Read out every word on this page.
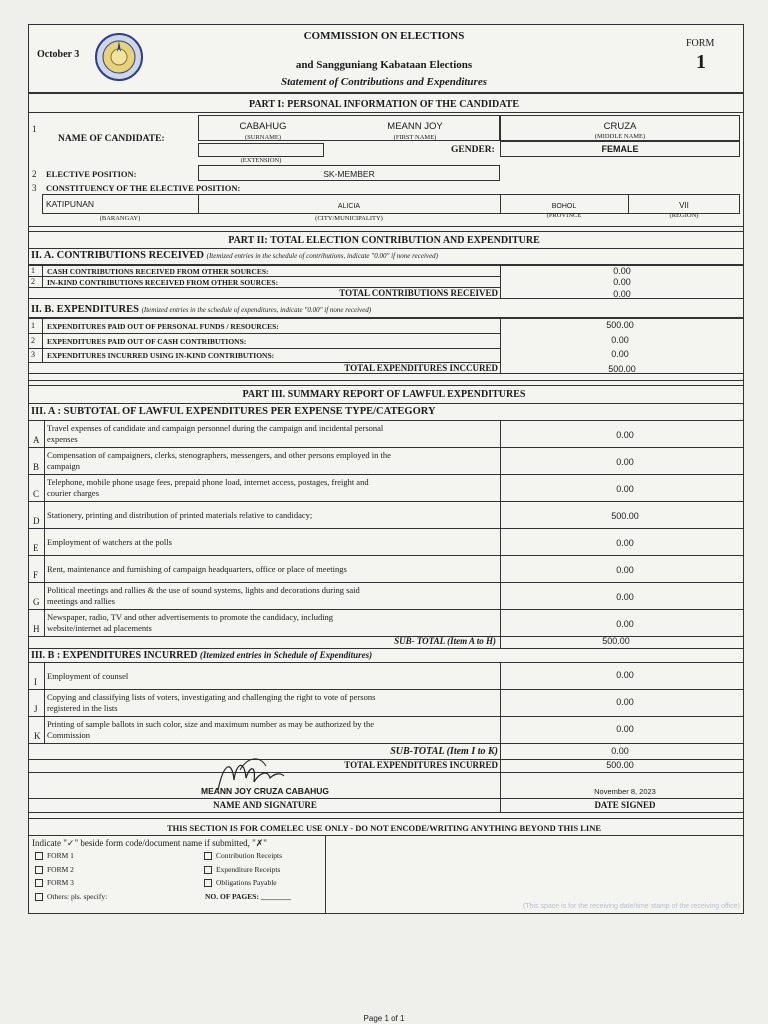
October 3
COMMISSION ON ELECTIONS
and Sangguniang Kabataan Elections
Statement of Contributions and Expenditures
FORM
1
PART I: PERSONAL INFORMATION OF THE CANDIDATE
1
NAME OF CANDIDATE:
CABAHUG
(SURNAME)
MEANN JOY
(FIRST NAME)
CRUZA
(MIDDLE NAME)
(EXTENSION)
GENDER:	FEMALE
2 ELECTIVE POSITION:	SK-MEMBER
3 CONSTITUENCY OF THE ELECTIVE POSITION:
KATIPUNAN
(BARANGAY)
ALICIA
(CITY/MUNICIPALITY)
BOHOL
(PROVINCE
VII
(REGION)
PART II: TOTAL ELECTION CONTRIBUTION AND EXPENDITURE
II. A. CONTRIBUTIONS RECEIVED (Itemized entries in the schedule of contributions, indicate "0.00" if none received)
1 CASH CONTRIBUTIONS RECEIVED FROM OTHER SOURCES:	0.00
2 IN-KIND CONTRIBUTIONS RECEIVED FROM OTHER SOURCES:	0.00
TOTAL CONTRIBUTIONS RECEIVED	0.00
II. B. EXPENDITURES (Itemized entries in the schedule of expenditures, indicate "0.00" if none received)
1 EXPENDITURES PAID OUT OF PERSONAL FUNDS / RESOURCES:	500.00
2 EXPENDITURES PAID OUT OF CASH CONTRIBUTIONS:	0.00
3 EXPENDITURES INCURRED USING IN-KIND CONTRIBUTIONS:	0.00
TOTAL EXPENDITURES INCCURED	500.00
PART III. SUMMARY REPORT OF LAWFUL EXPENDITURES
III. A : SUBTOTAL OF LAWFUL EXPENDITURES PER EXPENSE TYPE/CATEGORY
A
Travel expenses of candidate and campaign personnel during the campaign and incidental personal
expenses	0.00
B
Compensation of campaigners, clerks, stenographers, messengers, and other persons employed in the
campaign	0.00
C
Telephone, mobile phone usage fees, prepaid phone load, internet access, postages, freight and
courier charges	0.00
D
Stationery, printing and distribution of printed materials relative to candidacy;	500.00
E
Employment of watchers at the polls	0.00
F
Rent, maintenance and furnishing of campaign headquarters, office or place of meetings	0.00
G
Political meetings and rallies & the use of sound systems, lights and decorations during said
meetings and rallies	0.00
H
Newspaper, radio, TV and other advertisements to promote the candidacy, including
website/internet ad placements	0.00
SUB- TOTAL (Item A to H)	500.00
III. B : EXPENDITURES INCURRED (Itemized entries in Schedule of Expenditures)
I
Employment of counsel	0.00
J
Copying and classifying lists of voters, investigating and challenging the right to vote of persons
registered in the lists
0.00
K
Printing of sample ballots in such color, size and maximum number as may be authorized by the
Commission
0.00
SUB-TOTAL (Item I to K)	0.00
TOTAL EXPENDITURES INCURRED	500.00
MEANN JOY CRUZA CABAHUG	November 8, 2023
NAME AND SIGNATURE	DATE SIGNED
THIS SECTION IS FOR COMELEC USE ONLY - DO NOT ENCODE/WRITING ANYTHING BEYOND THIS LINE
Indicate "✓" beside form code/document name if submitted, "✗"
FORM 1
FORM 2
FORM 3
Others: pls. specify:
Contribution Receipts
Expenditure Receipts
Obligations Payable
NO. OF PAGES: ________
(This space is for the receiving date/time stamp of the receiving office)
Page 1 of 1
